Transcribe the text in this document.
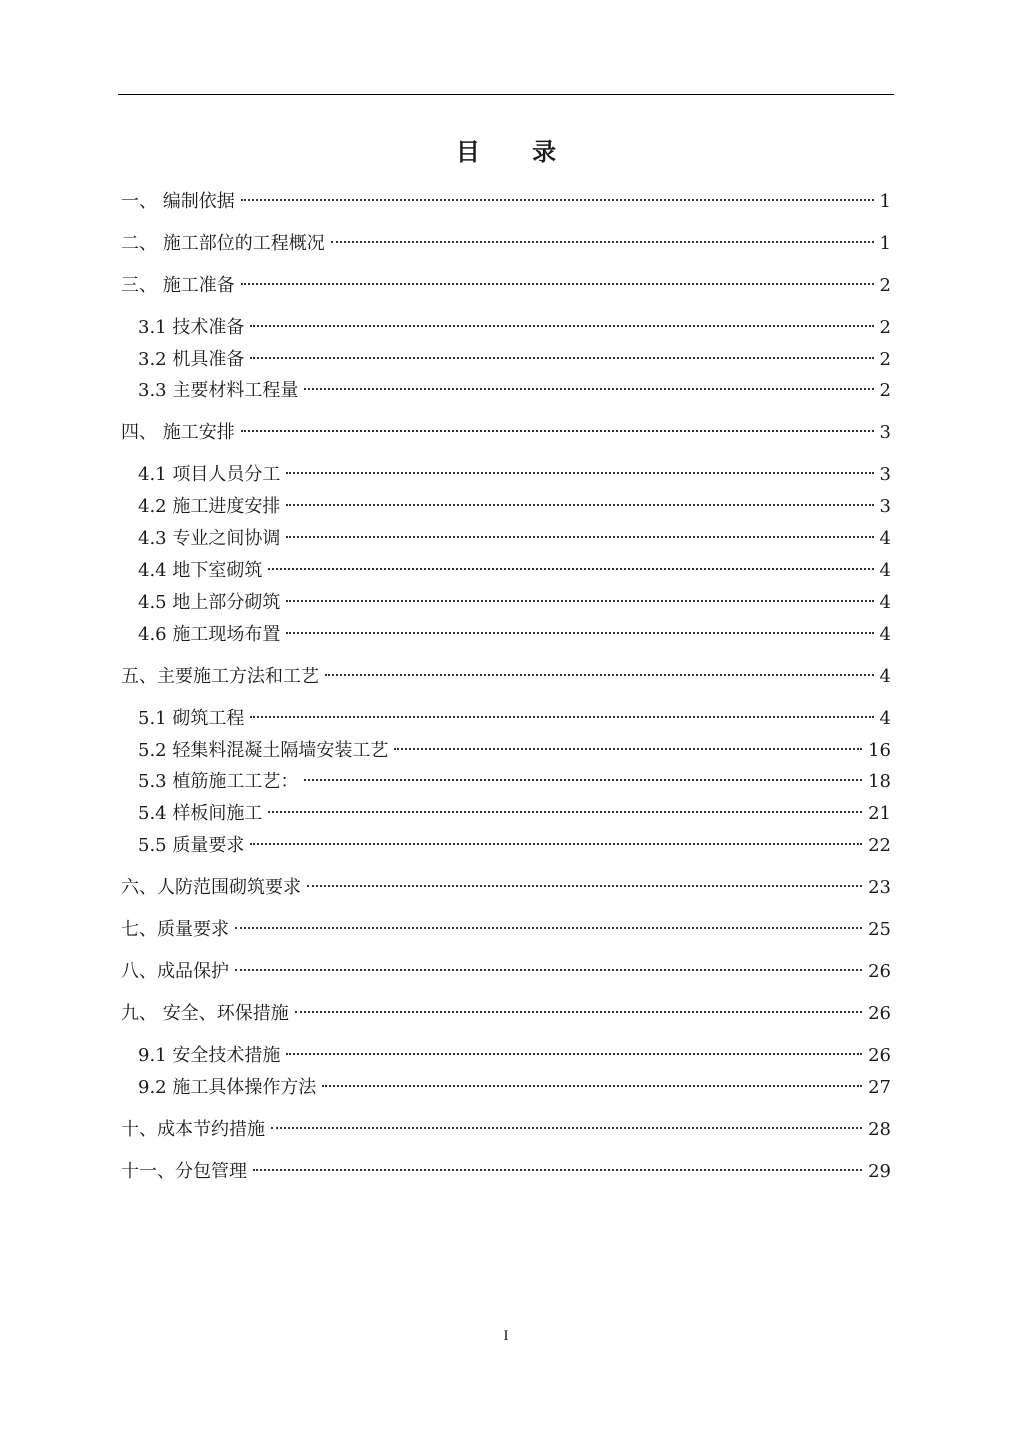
目 录
一、 编制依据	1
二、 施工部位的工程概况	1
三、 施工准备	2
3.1 技术准备	2
3.2 机具准备	2
3.3 主要材料工程量	2
四、 施工安排	3
4.1 项目人员分工	3
4.2 施工进度安排	3
4.3 专业之间协调	4
4.4 地下室砌筑	4
4.5 地上部分砌筑	4
4.6 施工现场布置	4
五、主要施工方法和工艺	4
5.1 砌筑工程	4
5.2 轻集料混凝土隔墙安装工艺	16
5.3 植筋施工工艺：	18
5.4 样板间施工	21
5.5 质量要求	22
六、人防范围砌筑要求	23
七、质量要求	25
八、成品保护	26
九、 安全、环保措施	26
9.1 安全技术措施	26
9.2 施工具体操作方法	27
十、成本节约措施	28
十一、分包管理	29
I
